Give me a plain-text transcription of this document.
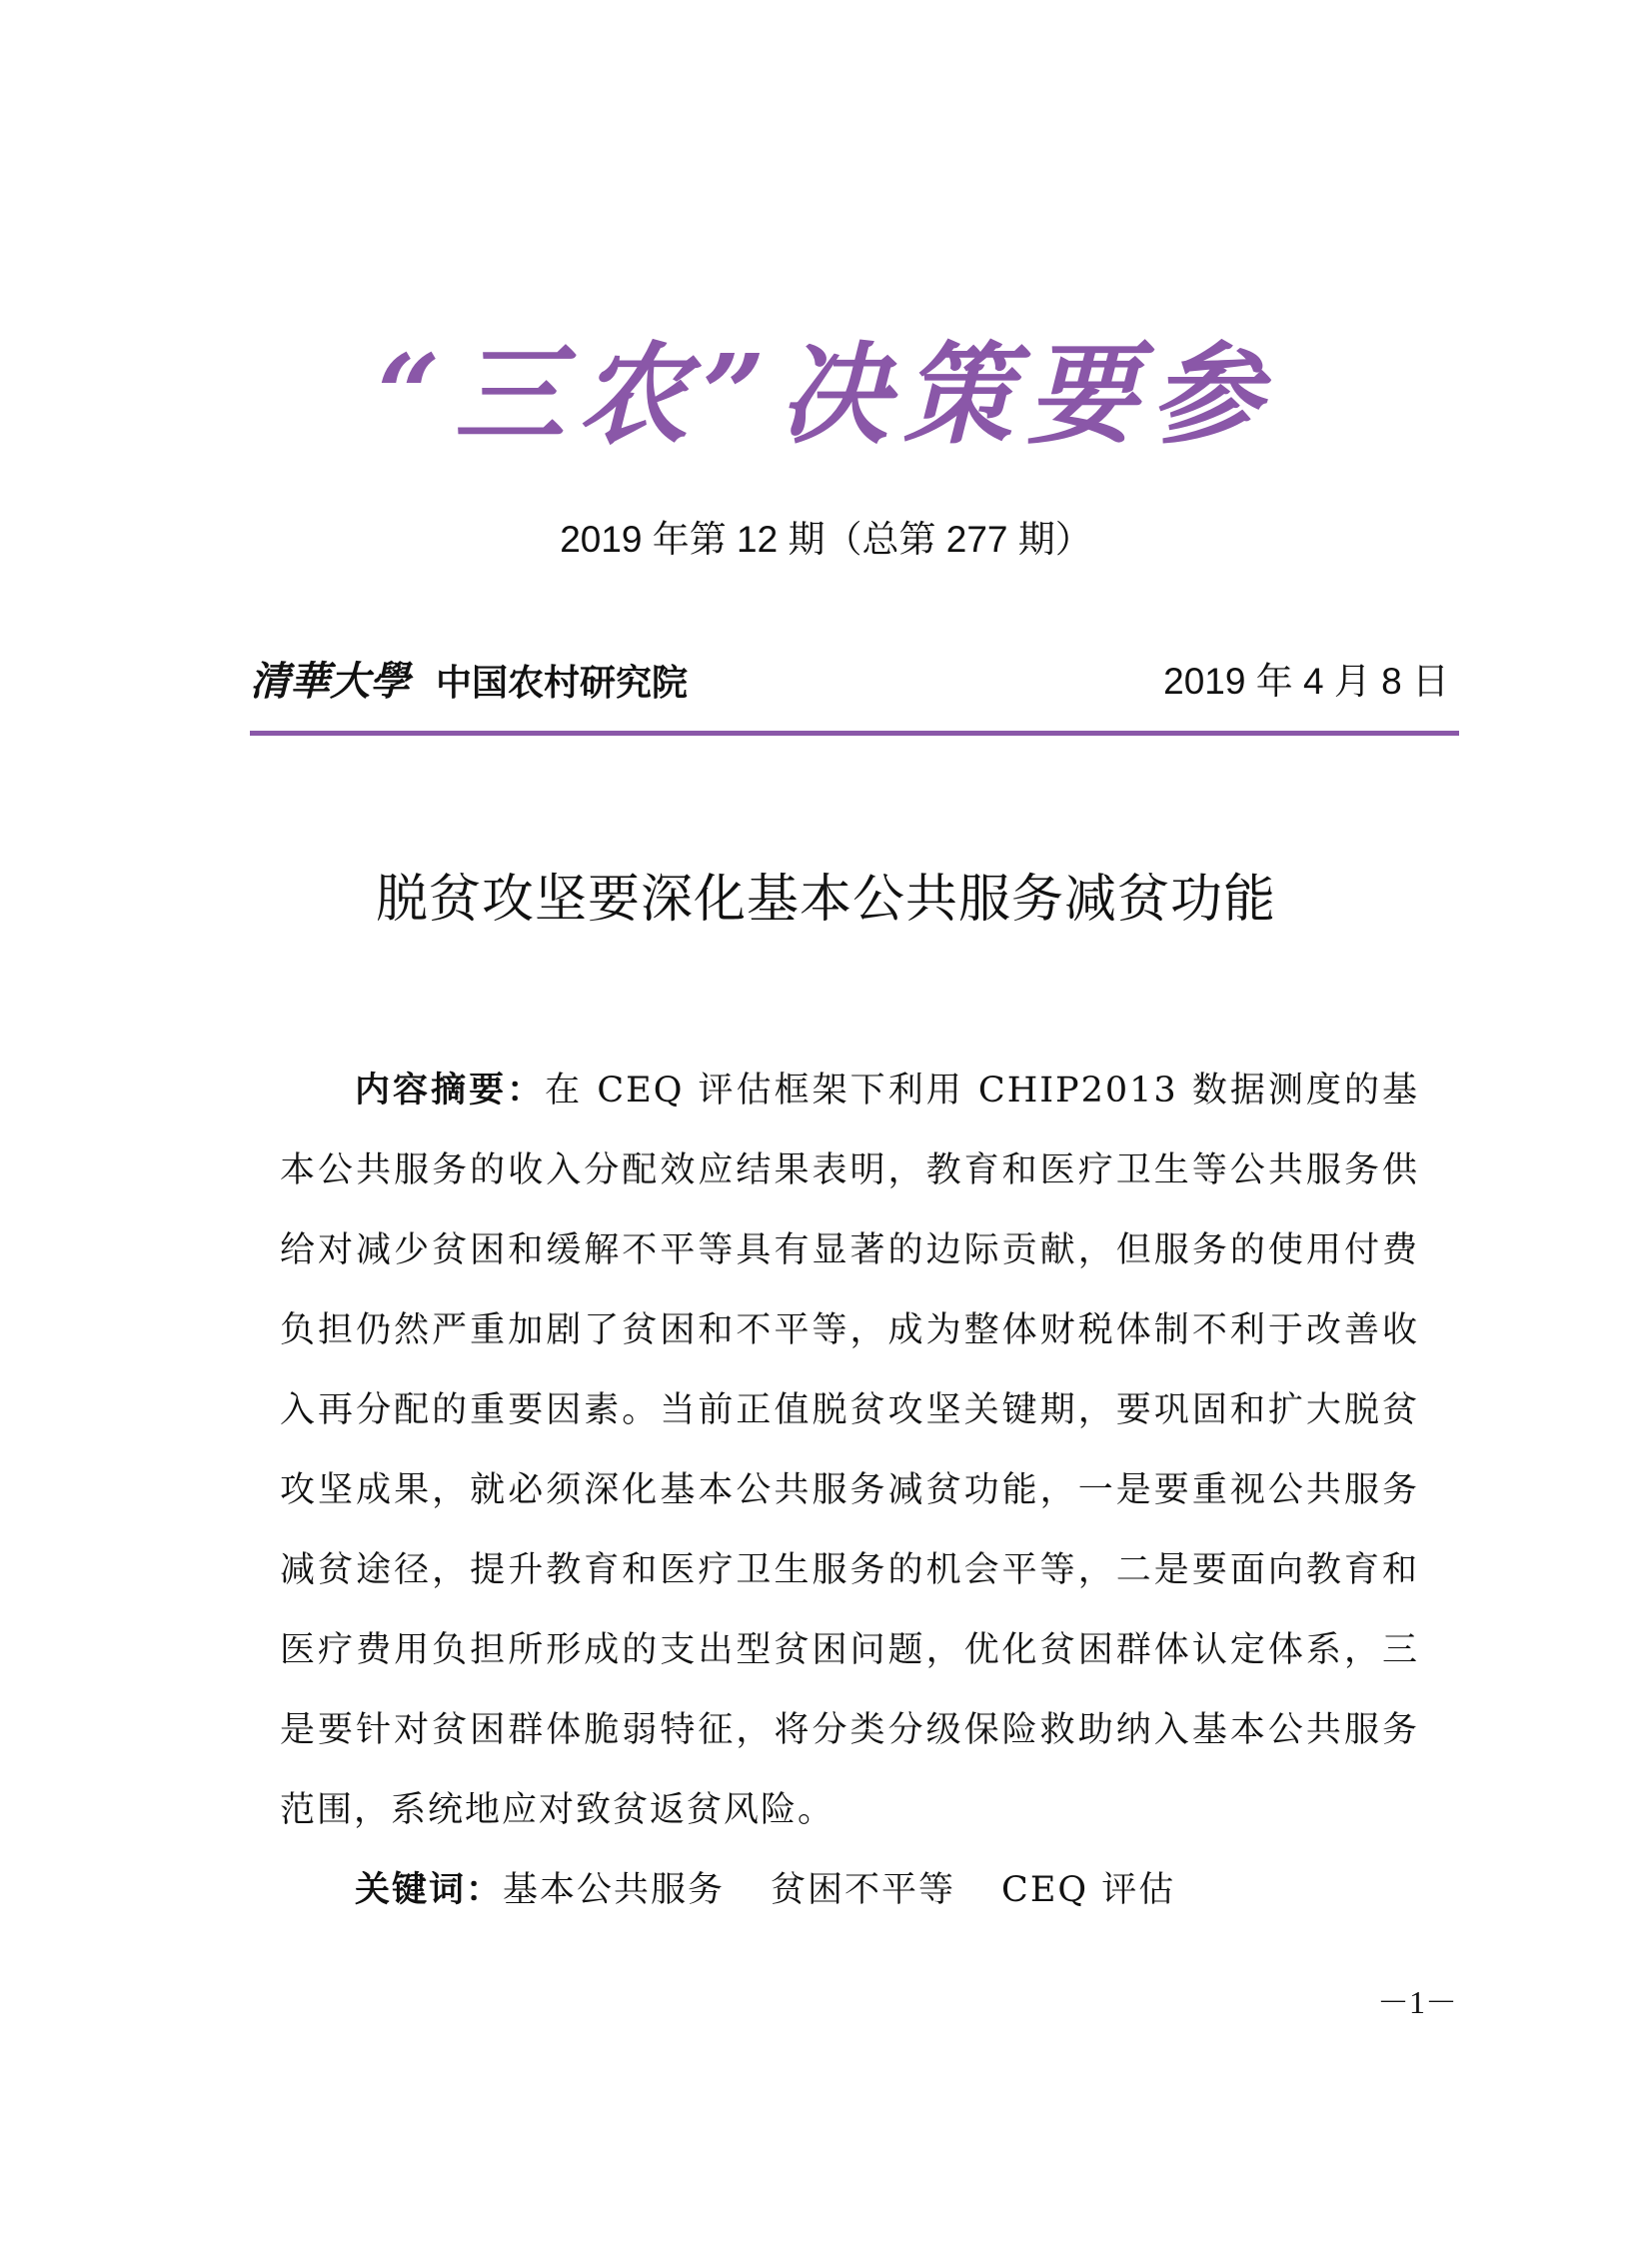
“三农”决策要参
2019 年第 12 期（总第 277 期）
清華大學 中国农村研究院	2019 年 4 月 8 日
脱贫攻坚要深化基本公共服务减贫功能
内容摘要：在 CEQ 评估框架下利用 CHIP2013 数据测度的基本公共服务的收入分配效应结果表明，教育和医疗卫生等公共服务供给对减少贫困和缓解不平等具有显著的边际贡献，但服务的使用付费负担仍然严重加剧了贫困和不平等，成为整体财税体制不利于改善收入再分配的重要因素。当前正值脱贫攻坚关键期，要巩固和扩大脱贫攻坚成果，就必须深化基本公共服务减贫功能，一是要重视公共服务减贫途径，提升教育和医疗卫生服务的机会平等，二是要面向教育和医疗费用负担所形成的支出型贫困问题，优化贫困群体认定体系，三是要针对贫困群体脆弱特征，将分类分级保险救助纳入基本公共服务范围，系统地应对致贫返贫风险。
关键词：基本公共服务 贫困不平等 CEQ 评估
－1－
